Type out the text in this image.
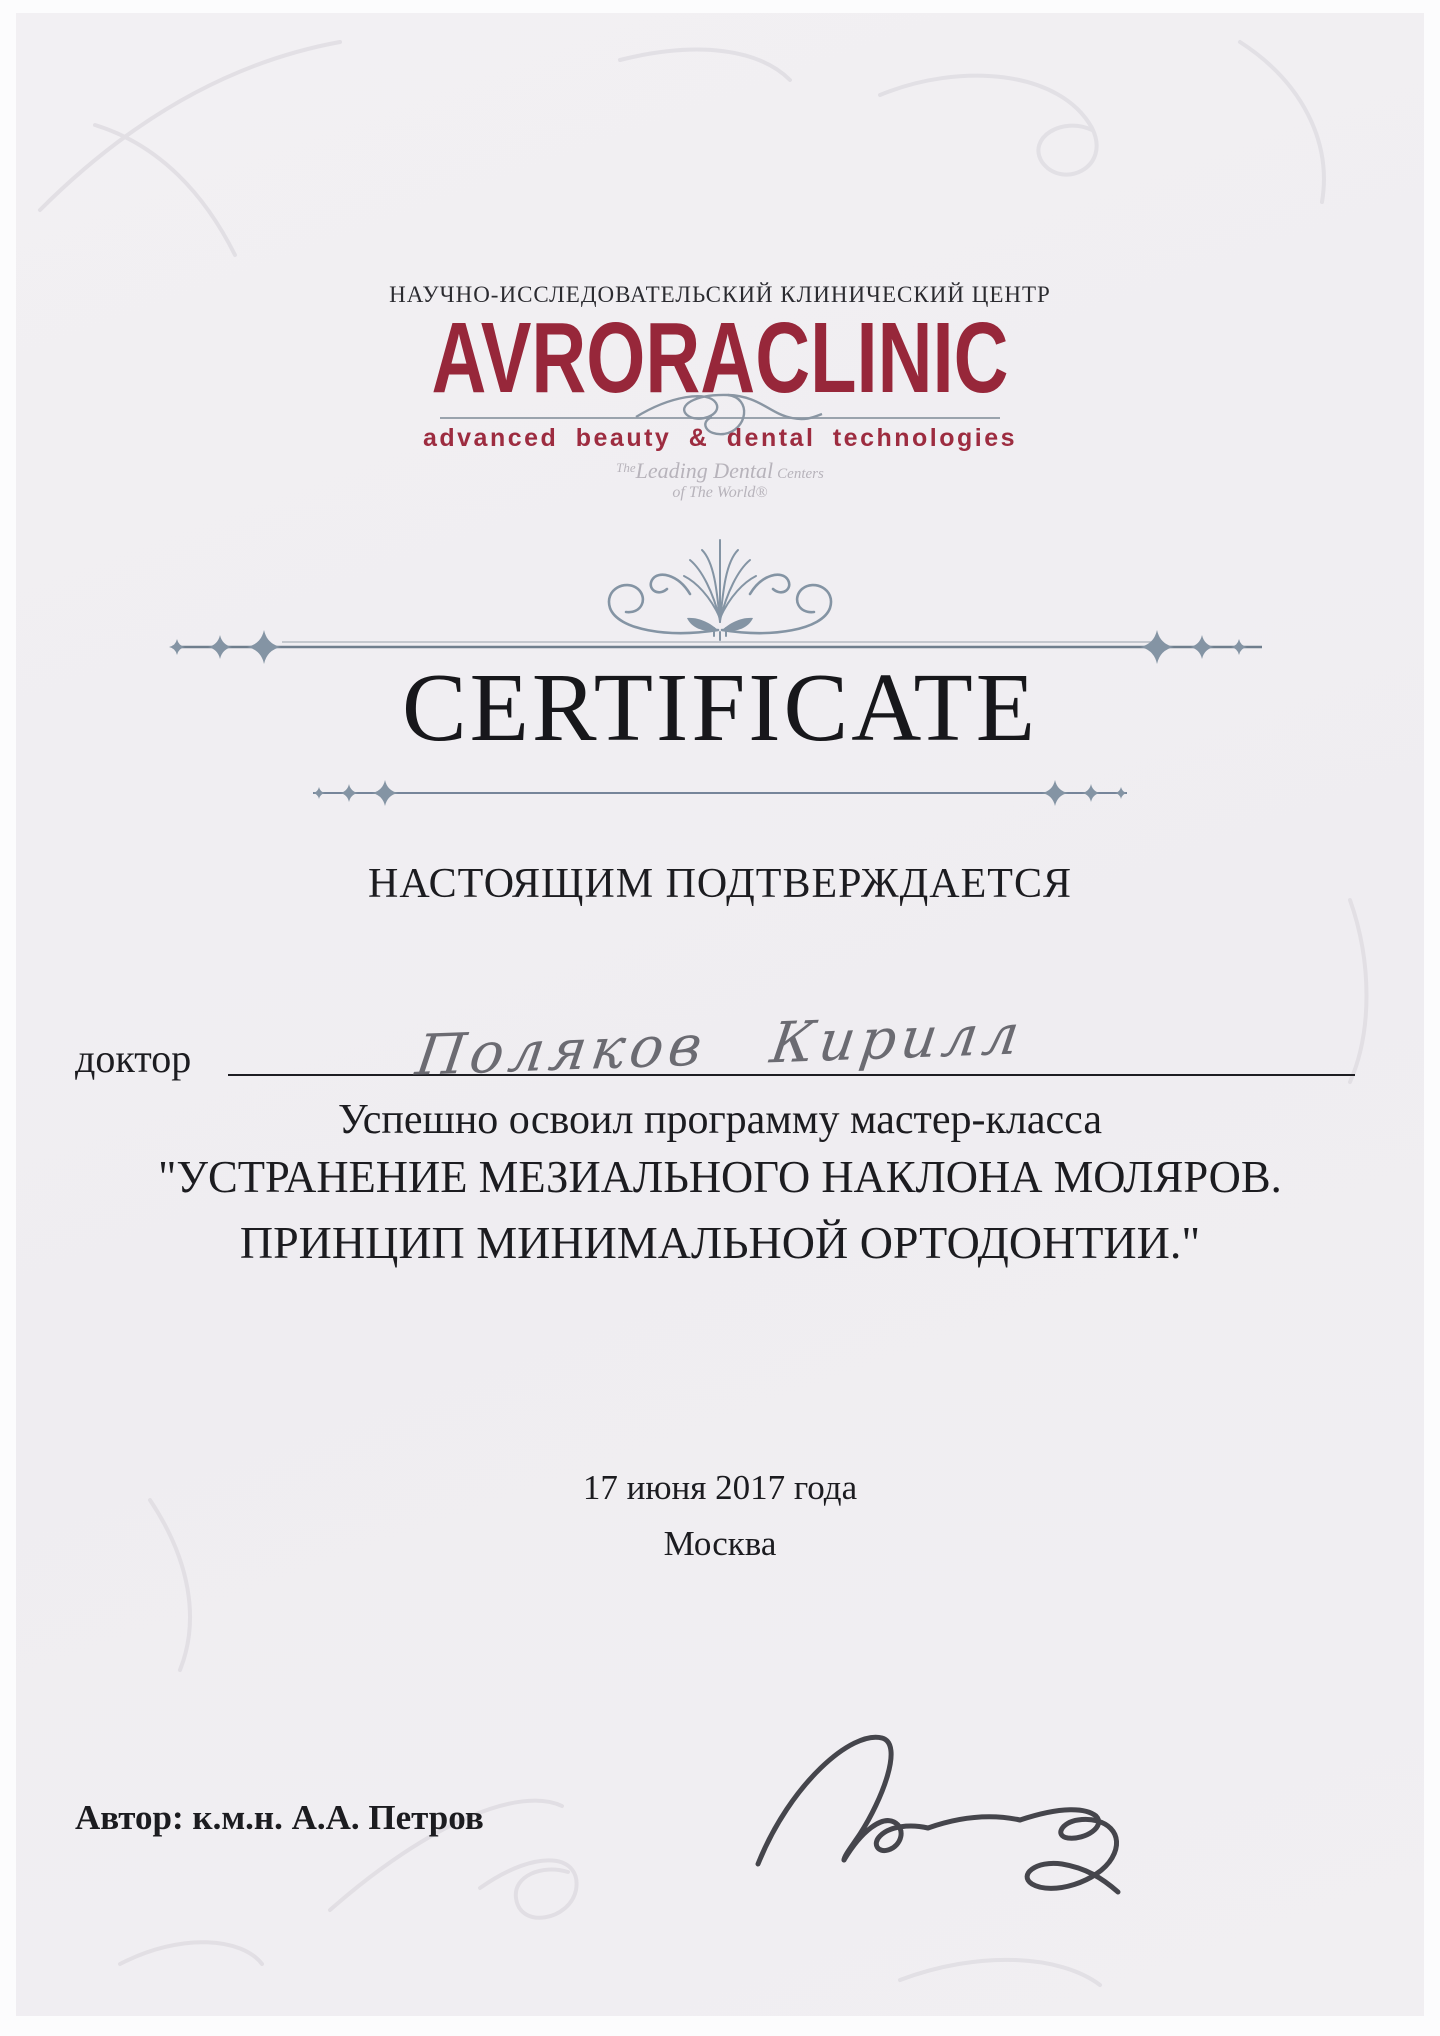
НАУЧНО-ИССЛЕДОВАТЕЛЬСКИЙ КЛИНИЧЕСКИЙ ЦЕНТР
AVRORACLINIC
advanced beauty & dental technologies
$^{The}$Leading Dental Centers
of The World®
CERTIFICATE
НАСТОЯЩИМ ПОДТВЕРЖДАЕТСЯ
доктор	Поляков Кирилл
Успешно освоил программу мастер-класса
"УСТРАНЕНИЕ МЕЗИАЛЬНОГО НАКЛОНА МОЛЯРОВ.
ПРИНЦИП МИНИМАЛЬНОЙ ОРТОДОНТИИ."
17 июня 2017 года
Москва
Автор: к.м.н. А.А. Петров
